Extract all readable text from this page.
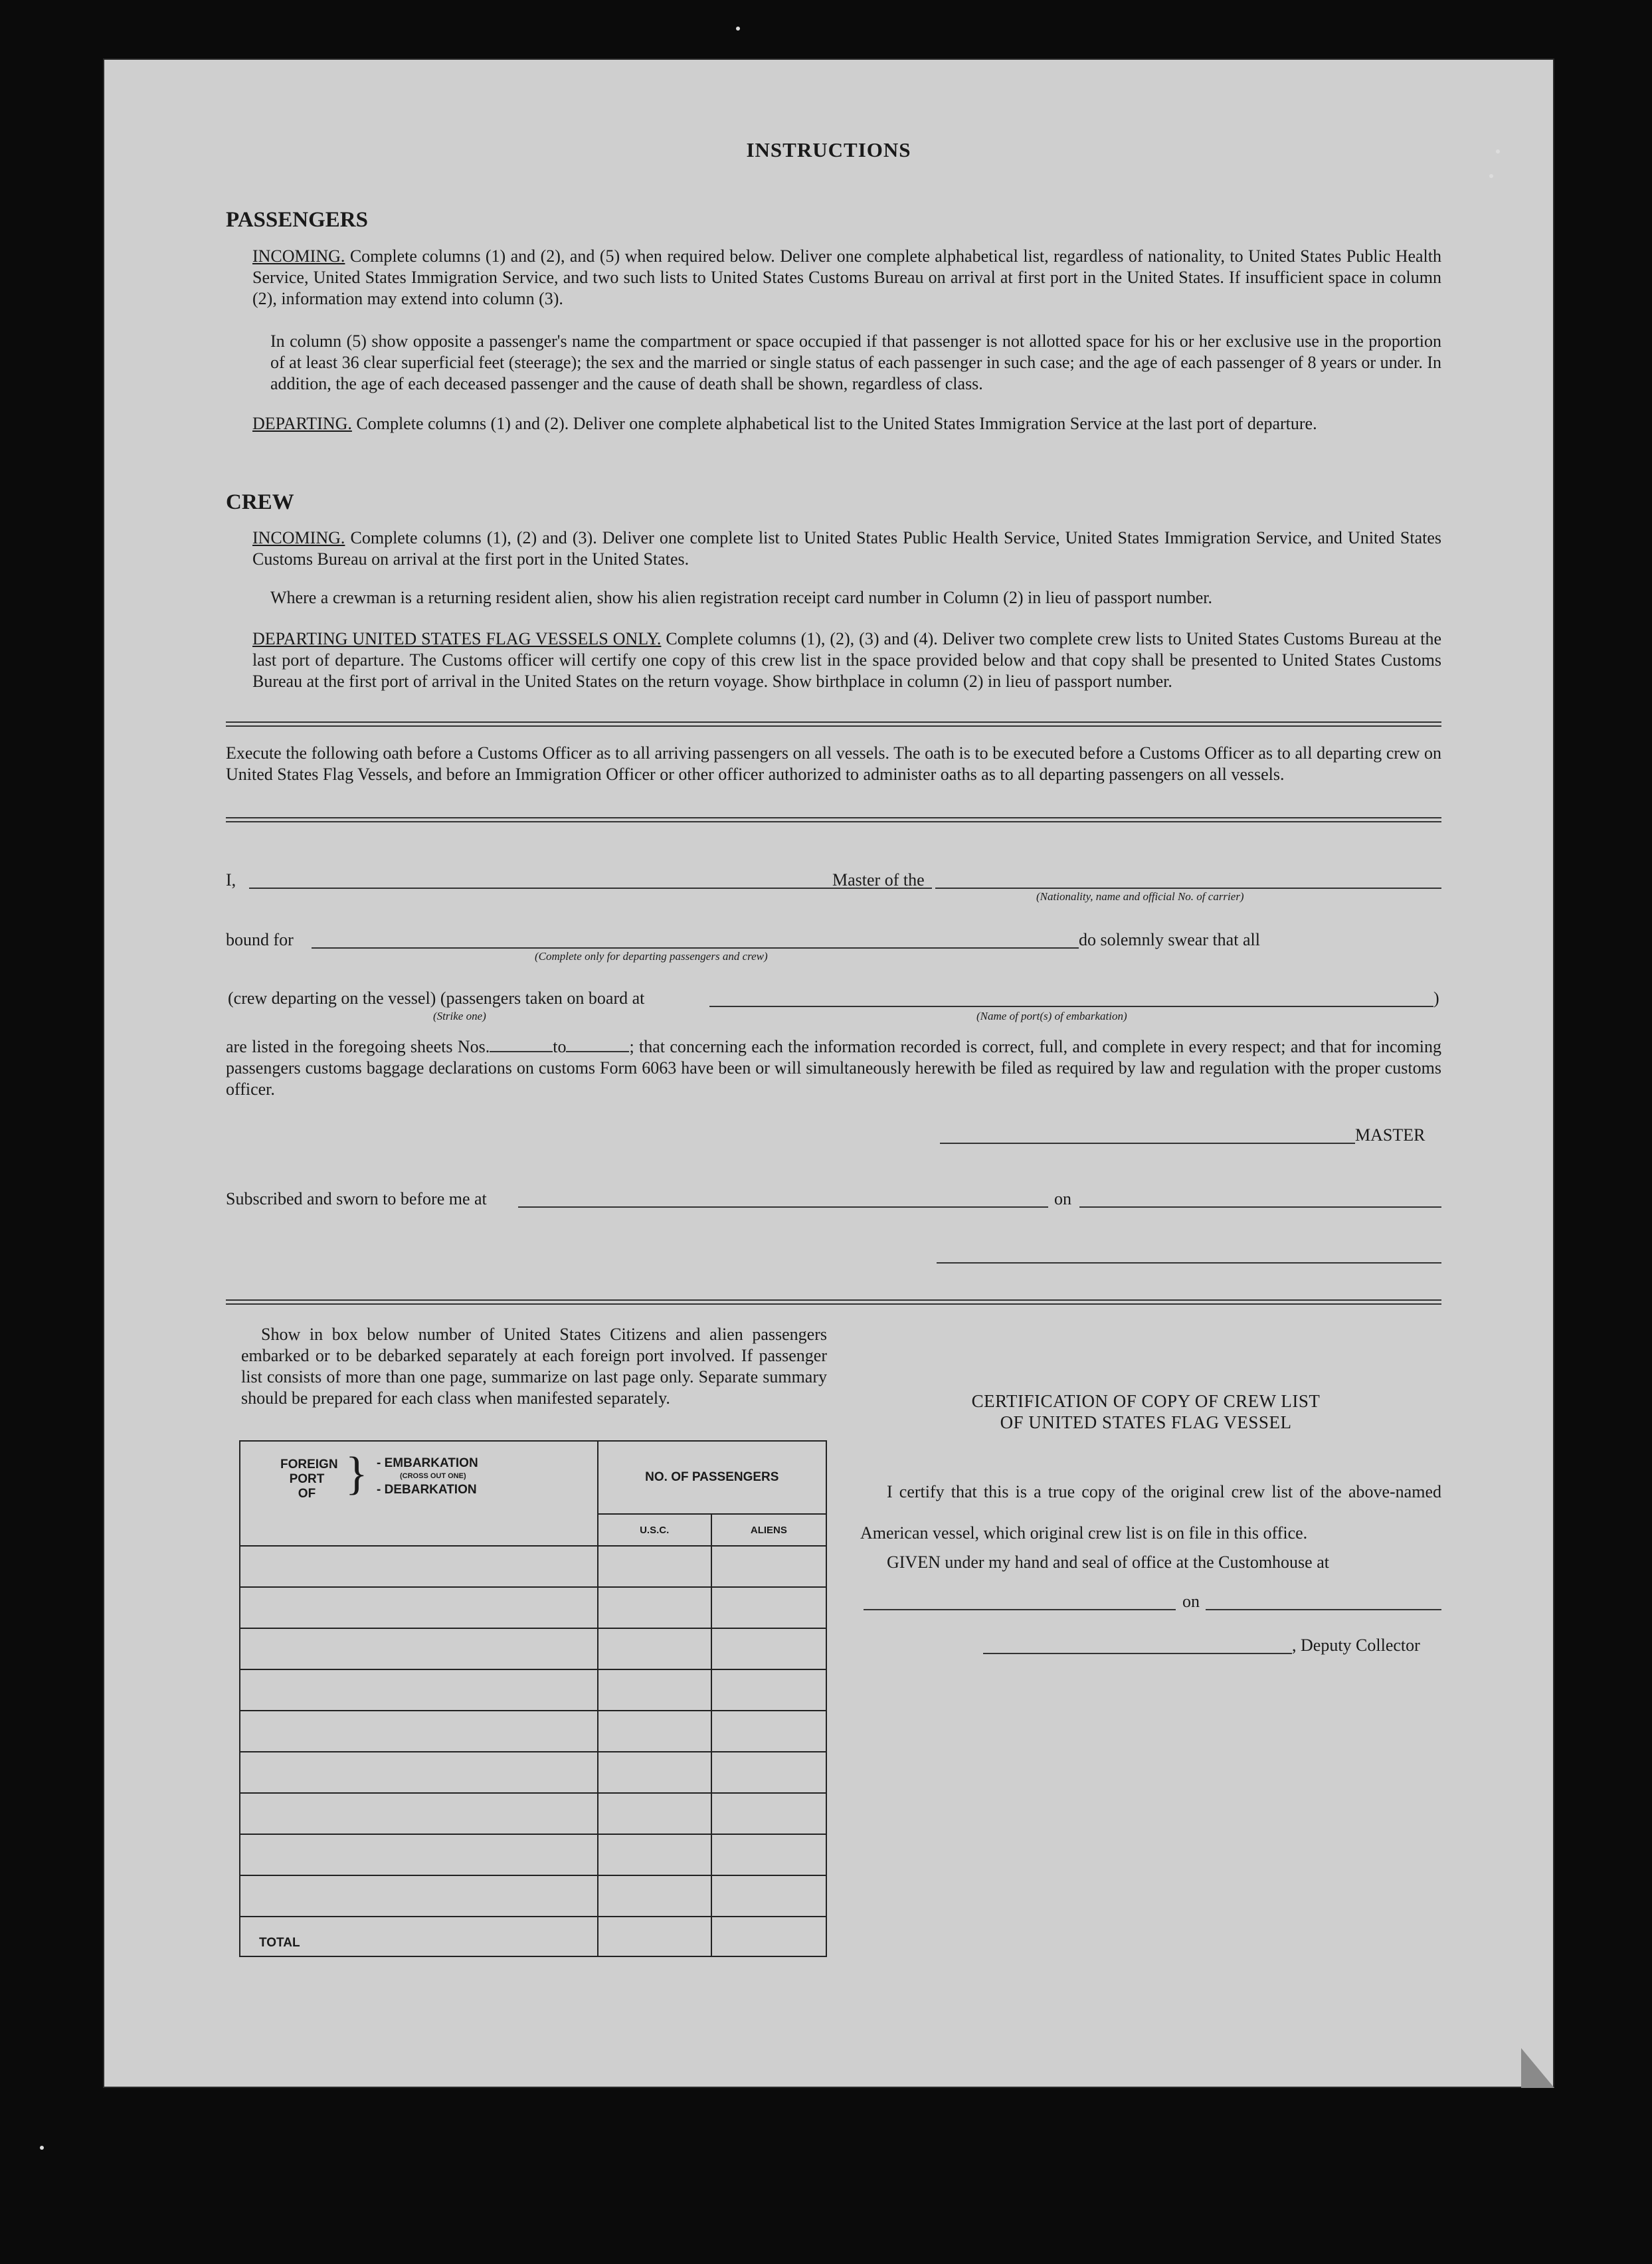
INSTRUCTIONS
PASSENGERS
INCOMING. Complete columns (1) and (2), and (5) when required below. Deliver one complete alphabetical list, regardless of nationality, to United States Public Health Service, United States Immigration Service, and two such lists to United States Customs Bureau on arrival at first port in the United States. If insufficient space in column (2), information may extend into column (3).
In column (5) show opposite a passenger's name the compartment or space occupied if that passenger is not allotted space for his or her exclusive use in the proportion of at least 36 clear superficial feet (steerage); the sex and the married or single status of each passenger in such case; and the age of each passenger of 8 years or under. In addition, the age of each deceased passenger and the cause of death shall be shown, regardless of class.
DEPARTING. Complete columns (1) and (2). Deliver one complete alphabetical list to the United States Immigration Service at the last port of departure.
CREW
INCOMING. Complete columns (1), (2) and (3). Deliver one complete list to United States Public Health Service, United States Immigration Service, and United States Customs Bureau on arrival at the first port in the United States.
Where a crewman is a returning resident alien, show his alien registration receipt card number in Column (2) in lieu of passport number.
DEPARTING UNITED STATES FLAG VESSELS ONLY. Complete columns (1), (2), (3) and (4). Deliver two complete crew lists to United States Customs Bureau at the last port of departure. The Customs officer will certify one copy of this crew list in the space provided below and that copy shall be presented to United States Customs Bureau at the first port of arrival in the United States on the return voyage. Show birthplace in column (2) in lieu of passport number.
Execute the following oath before a Customs Officer as to all arriving passengers on all vessels. The oath is to be executed before a Customs Officer as to all departing crew on United States Flag Vessels, and before an Immigration Officer or other officer authorized to administer oaths as to all departing passengers on all vessels.
I,	Master of the
(Nationality, name and official No. of carrier)
bound for
(Complete only for departing passengers and crew)
do solemnly swear that all
(crew departing on the vessel) (passengers taken on board at	)
(Strike one)	(Name of port(s) of embarkation)
are listed in the foregoing sheets Nos.	to	; that concerning each the information recorded is correct, full, and complete in every respect; and that for incoming passengers customs baggage declarations on customs Form 6063 have been or will simultaneously herewith be filed as required by law and regulation with the proper customs officer.
MASTER
Subscribed and sworn to before me at	on
Show in box below number of United States Citizens and alien passengers embarked or to be debarked separately at each foreign port involved. If passenger list consists of more than one page, summarize on last page only. Separate summary should be prepared for each class when manifested separately.
FOREIGN PORT OF } - EMBARKATION
(CROSS OUT ONE)
- DEBARKATION	NO. OF PASSENGERS	
	U.S.C.	ALIENS

TOTAL		
CERTIFICATION OF COPY OF CREW LIST
OF UNITED STATES FLAG VESSEL
I certify that this is a true copy of the original crew list of the above-named American vessel, which original crew list is on file in this office.
GIVEN under my hand and seal of office at the Customhouse at
on
, Deputy Collector
